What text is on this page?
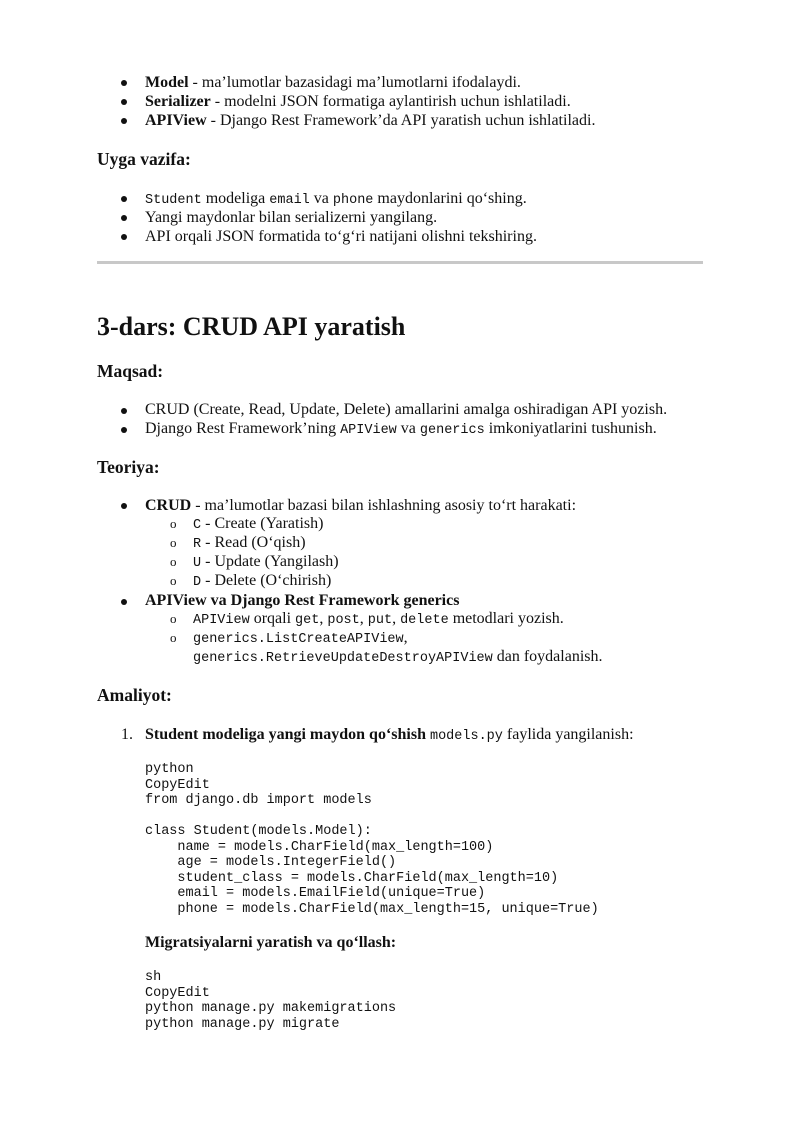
Model - ma’lumotlar bazasidagi ma’lumotlarni ifodalaydi.
Serializer - modelni JSON formatiga aylantirish uchun ishlatiladi.
APIView - Django Rest Framework’da API yaratish uchun ishlatiladi.
Uyga vazifa:
Student modeliga email va phone maydonlarini qo‘shing.
Yangi maydonlar bilan serializerni yangilang.
API orqali JSON formatida to‘g‘ri natijani olishni tekshiring.
3-dars: CRUD API yaratish
Maqsad:
CRUD (Create, Read, Update, Delete) amallarini amalga oshiradigan API yozish.
Django Rest Framework’ning APIView va generics imkoniyatlarini tushunish.
Teoriya:
CRUD - ma’lumotlar bazasi bilan ishlashning asosiy to‘rt harakati:
o C - Create (Yaratish)
o R - Read (O‘qish)
o U - Update (Yangilash)
o D - Delete (O‘chirish)
APIView va Django Rest Framework generics
o APIView orqali get, post, put, delete metodlari yozish.
o generics.ListCreateAPIView,
generics.RetrieveUpdateDestroyAPIView dan foydalanish.
Amaliyot:
1. Student modeliga yangi maydon qo‘shish models.py faylida yangilanish:
python
CopyEdit
from django.db import models

class Student(models.Model):
name = models.CharField(max_length=100)
age = models.IntegerField()
student_class = models.CharField(max_length=10)
email = models.EmailField(unique=True)
phone = models.CharField(max_length=15, unique=True)
Migratsiyalarni yaratish va qo‘llash:
sh
CopyEdit
python manage.py makemigrations
python manage.py migrate
